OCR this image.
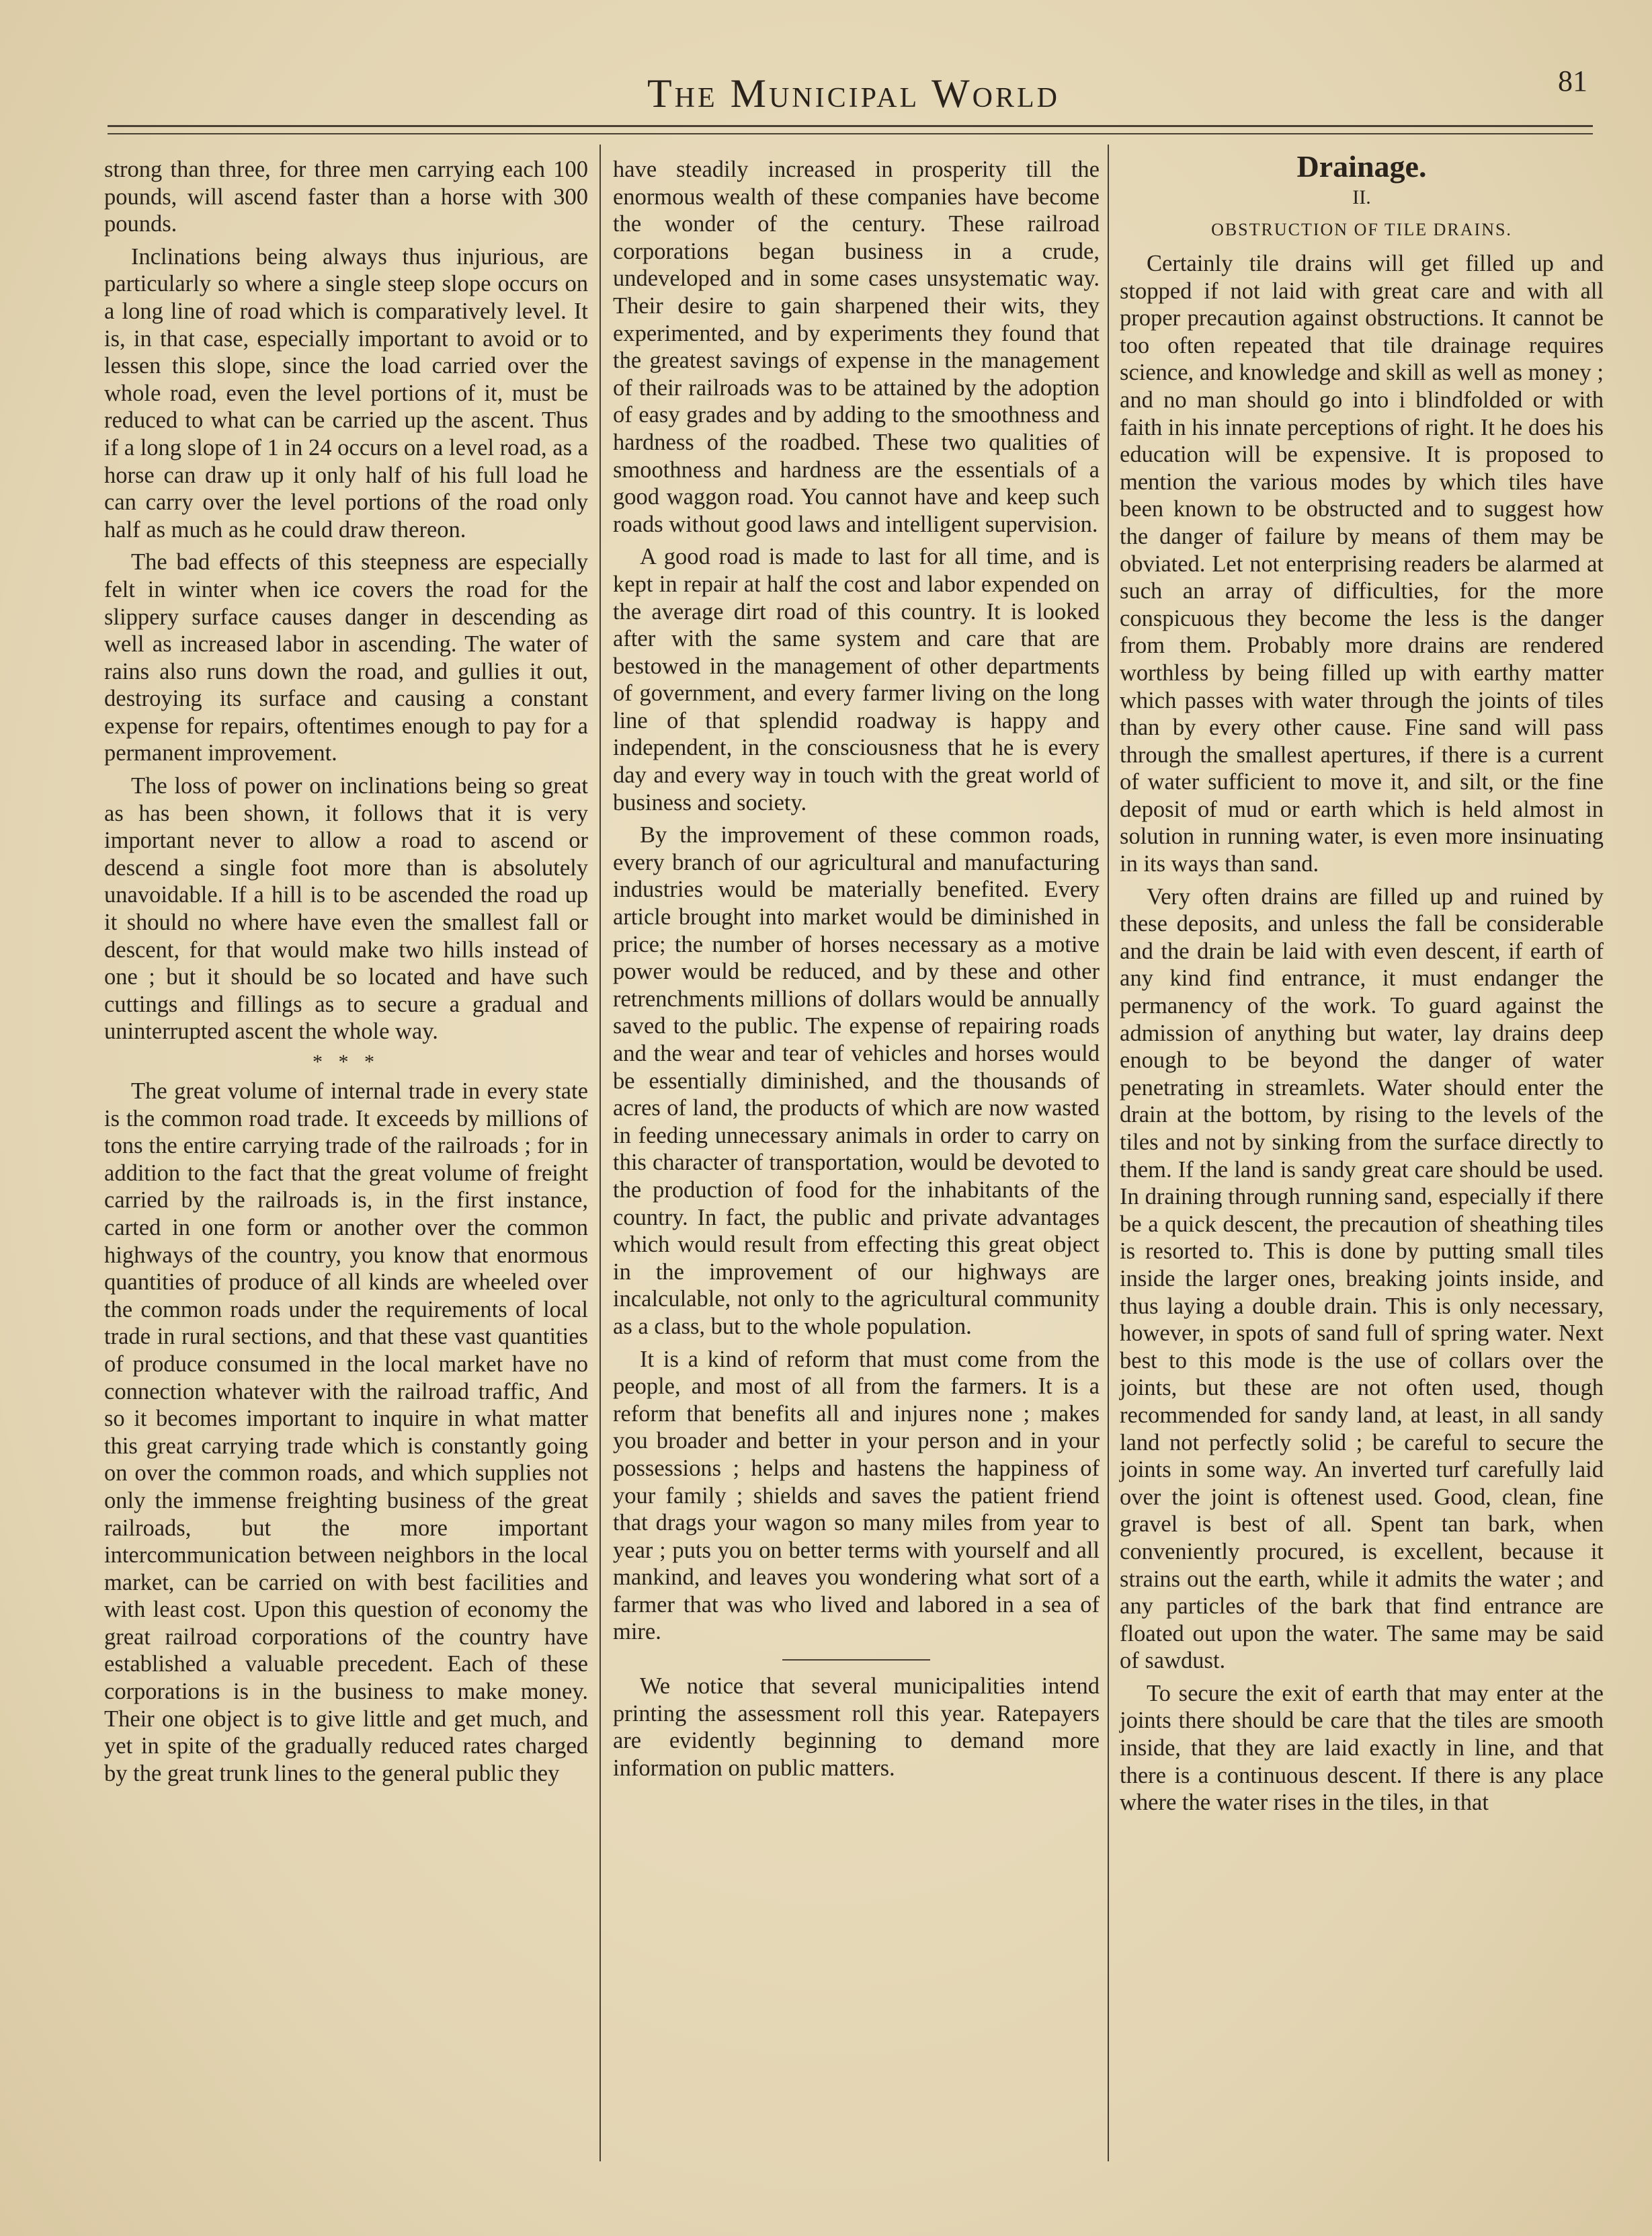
The Municipal World	81

strong than three, for three men carrying each 100 pounds, will ascend faster than a horse with 300 pounds.

Inclinations being always thus injurious, are particularly so where a single steep slope occurs on a long line of road which is comparatively level. It is, in that case, especially important to avoid or to lessen this slope, since the load carried over the whole road, even the level portions of it, must be reduced to what can be carried up the ascent. Thus if a long slope of 1 in 24 occurs on a level road, as a horse can draw up it only half of his full load he can carry over the level portions of the road only half as much as he could draw thereon.

The bad effects of this steepness are especially felt in winter when ice covers the road for the slippery surface causes danger in descending as well as increased labor in ascending. The water of rains also runs down the road, and gullies it out, destroying its surface and causing a constant expense for repairs, oftentimes enough to pay for a permanent improvement.

The loss of power on inclinations being so great as has been shown, it follows that it is very important never to allow a road to ascend or descend a single foot more than is absolutely unavoidable. If a hill is to be ascended the road up it should no where have even the smallest fall or descent, for that would make two hills instead of one ; but it should be so located and have such cuttings and fillings as to secure a gradual and uninterrupted ascent the whole way.

* * *

The great volume of internal trade in every state is the common road trade. It exceeds by millions of tons the entire carrying trade of the railroads ; for in addition to the fact that the great volume of freight carried by the railroads is, in the first instance, carted in one form or another over the common highways of the country, you know that enormous quantities of produce of all kinds are wheeled over the common roads under the requirements of local trade in rural sections, and that these vast quantities of produce consumed in the local market have no connection whatever with the railroad traffic, And so it becomes important to inquire in what matter this great carrying trade which is constantly going on over the common roads, and which supplies not only the immense freighting business of the great railroads, but the more important intercommunication between neighbors in the local market, can be carried on with best facilities and with least cost. Upon this question of economy the great railroad corporations of the country have established a valuable precedent. Each of these corporations is in the business to make money. Their one object is to give little and get much, and yet in spite of the gradually reduced rates charged by the great trunk lines to the general public they

have steadily increased in prosperity till the enormous wealth of these companies have become the wonder of the century. These railroad corporations began business in a crude, undeveloped and in some cases unsystematic way. Their desire to gain sharpened their wits, they experimented, and by experiments they found that the greatest savings of expense in the management of their railroads was to be attained by the adoption of easy grades and by adding to the smoothness and hardness of the roadbed. These two qualities of smoothness and hardness are the essentials of a good waggon road. You cannot have and keep such roads without good laws and intelligent supervision.

A good road is made to last for all time, and is kept in repair at half the cost and labor expended on the average dirt road of this country. It is looked after with the same system and care that are bestowed in the management of other departments of government, and every farmer living on the long line of that splendid roadway is happy and independent, in the consciousness that he is every day and every way in touch with the great world of business and society.

By the improvement of these common roads, every branch of our agricultural and manufacturing industries would be materially benefited. Every article brought into market would be diminished in price; the number of horses necessary as a motive power would be reduced, and by these and other retrenchments millions of dollars would be annually saved to the public. The expense of repairing roads and the wear and tear of vehicles and horses would be essentially diminished, and the thousands of acres of land, the products of which are now wasted in feeding unnecessary animals in order to carry on this character of transportation, would be devoted to the production of food for the inhabitants of the country. In fact, the public and private advantages which would result from effecting this great object in the improvement of our highways are incalculable, not only to the agricultural community as a class, but to the whole population.

It is a kind of reform that must come from the people, and most of all from the farmers. It is a reform that benefits all and injures none ; makes you broader and better in your person and in your possessions ; helps and hastens the happiness of your family ; shields and saves the patient friend that drags your wagon so many miles from year to year ; puts you on better terms with yourself and all mankind, and leaves you wondering what sort of a farmer that was who lived and labored in a sea of mire.

We notice that several municipalities intend printing the assessment roll this year. Ratepayers are evidently beginning to demand more information on public matters.

Drainage.
II.
OBSTRUCTION OF TILE DRAINS.

Certainly tile drains will get filled up and stopped if not laid with great care and with all proper precaution against obstructions. It cannot be too often repeated that tile drainage requires science, and knowledge and skill as well as money ; and no man should go into i blindfolded or with faith in his innate perceptions of right. It he does his education will be expensive. It is proposed to mention the various modes by which tiles have been known to be obstructed and to suggest how the danger of failure by means of them may be obviated. Let not enterprising readers be alarmed at such an array of difficulties, for the more conspicuous they become the less is the danger from them. Probably more drains are rendered worthless by being filled up with earthy matter which passes with water through the joints of tiles than by every other cause. Fine sand will pass through the smallest apertures, if there is a current of water sufficient to move it, and silt, or the fine deposit of mud or earth which is held almost in solution in running water, is even more insinuating in its ways than sand.

Very often drains are filled up and ruined by these deposits, and unless the fall be considerable and the drain be laid with even descent, if earth of any kind find entrance, it must endanger the permanency of the work. To guard against the admission of anything but water, lay drains deep enough to be beyond the danger of water penetrating in streamlets. Water should enter the drain at the bottom, by rising to the levels of the tiles and not by sinking from the surface directly to them. If the land is sandy great care should be used. In draining through running sand, especially if there be a quick descent, the precaution of sheathing tiles is resorted to. This is done by putting small tiles inside the larger ones, breaking joints inside, and thus laying a double drain. This is only necessary, however, in spots of sand full of spring water. Next best to this mode is the use of collars over the joints, but these are not often used, though recommended for sandy land, at least, in all sandy land not perfectly solid ; be careful to secure the joints in some way. An inverted turf carefully laid over the joint is oftenest used. Good, clean, fine gravel is best of all. Spent tan bark, when conveniently procured, is excellent, because it strains out the earth, while it admits the water ; and any particles of the bark that find entrance are floated out upon the water. The same may be said of sawdust.

To secure the exit of earth that may enter at the joints there should be care that the tiles are smooth inside, that they are laid exactly in line, and that there is a continuous descent. If there is any place where the water rises in the tiles, in that
